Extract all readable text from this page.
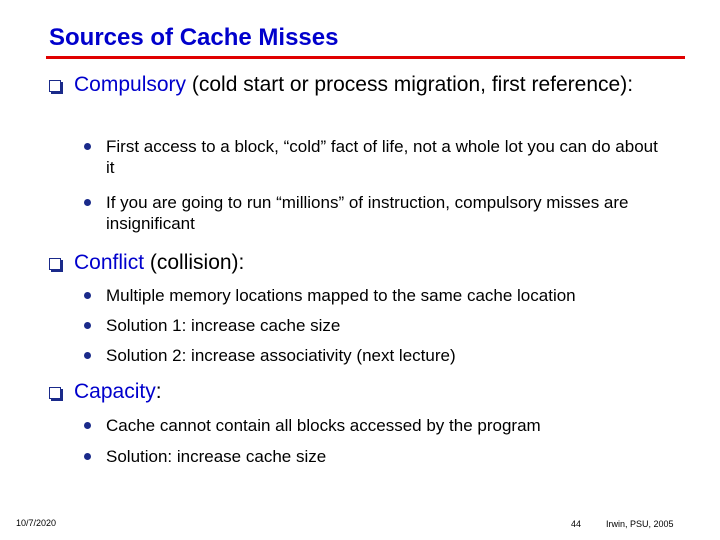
Sources of Cache Misses
Compulsory (cold start or process migration, first reference):
First access to a block, “cold” fact of life, not a whole lot you can do about it
If you are going to run “millions” of instruction, compulsory misses are insignificant
Conflict (collision):
Multiple memory locations mapped to the same cache location
Solution 1: increase cache size
Solution 2: increase associativity (next lecture)
Capacity:
Cache cannot contain all blocks accessed by the program
Solution: increase cache size
10/7/2020	44	Irwin, PSU, 2005
